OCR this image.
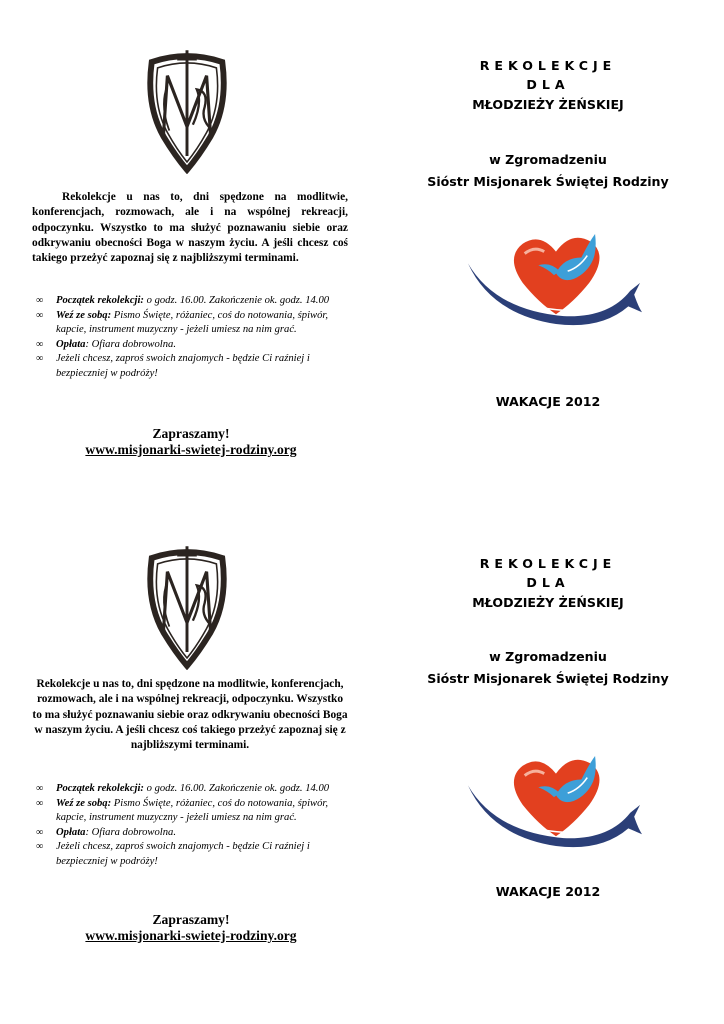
Rekolekcje u nas to, dni spędzone na modlitwie, konferencjach, rozmowach, ale i na wspólnej rekreacji, odpoczynku. Wszystko to ma służyć poznawaniu siebie oraz odkrywaniu obecności Boga w naszym życiu. A jeśli chcesz coś takiego przeżyć zapoznaj się z najbliższymi terminami.
∞ Początek rekolekcji: o godz. 16.00. Zakończenie ok. godz. 14.00
∞ Weź ze sobą: Pismo Święte, różaniec, coś do notowania, śpiwór, kapcie, instrument muzyczny - jeżeli umiesz na nim grać.
∞ Opłata: Ofiara dobrowolna.
∞ Jeżeli chcesz, zaproś swoich znajomych - będzie Ci raźniej i bezpieczniej w podróży!
Zapraszamy!
www.misjonarki-swietej-rodziny.org
REKOLEKCJE
DLA
MŁODZIEŻY ŻEŃSKIEJ
w Zgromadzeniu
Sióstr Misjonarek Świętej Rodziny
WAKACJE 2012
Rekolekcje u nas to, dni spędzone na modlitwie, konferencjach, rozmowach, ale i na wspólnej rekreacji, odpoczynku. Wszystko to ma służyć poznawaniu siebie oraz odkrywaniu obecności Boga w naszym życiu. A jeśli chcesz coś takiego przeżyć zapoznaj się z najbliższymi terminami.
∞ Początek rekolekcji: o godz. 16.00. Zakończenie ok. godz. 14.00
∞ Weź ze sobą: Pismo Święte, różaniec, coś do notowania, śpiwór, kapcie, instrument muzyczny - jeżeli umiesz na nim grać.
∞ Opłata: Ofiara dobrowolna.
∞ Jeżeli chcesz, zaproś swoich znajomych - będzie Ci raźniej i bezpieczniej w podróży!
Zapraszamy!
www.misjonarki-swietej-rodziny.org
REKOLEKCJE
DLA
MŁODZIEŻY ŻEŃSKIEJ
w Zgromadzeniu
Sióstr Misjonarek Świętej Rodziny
WAKACJE 2012
